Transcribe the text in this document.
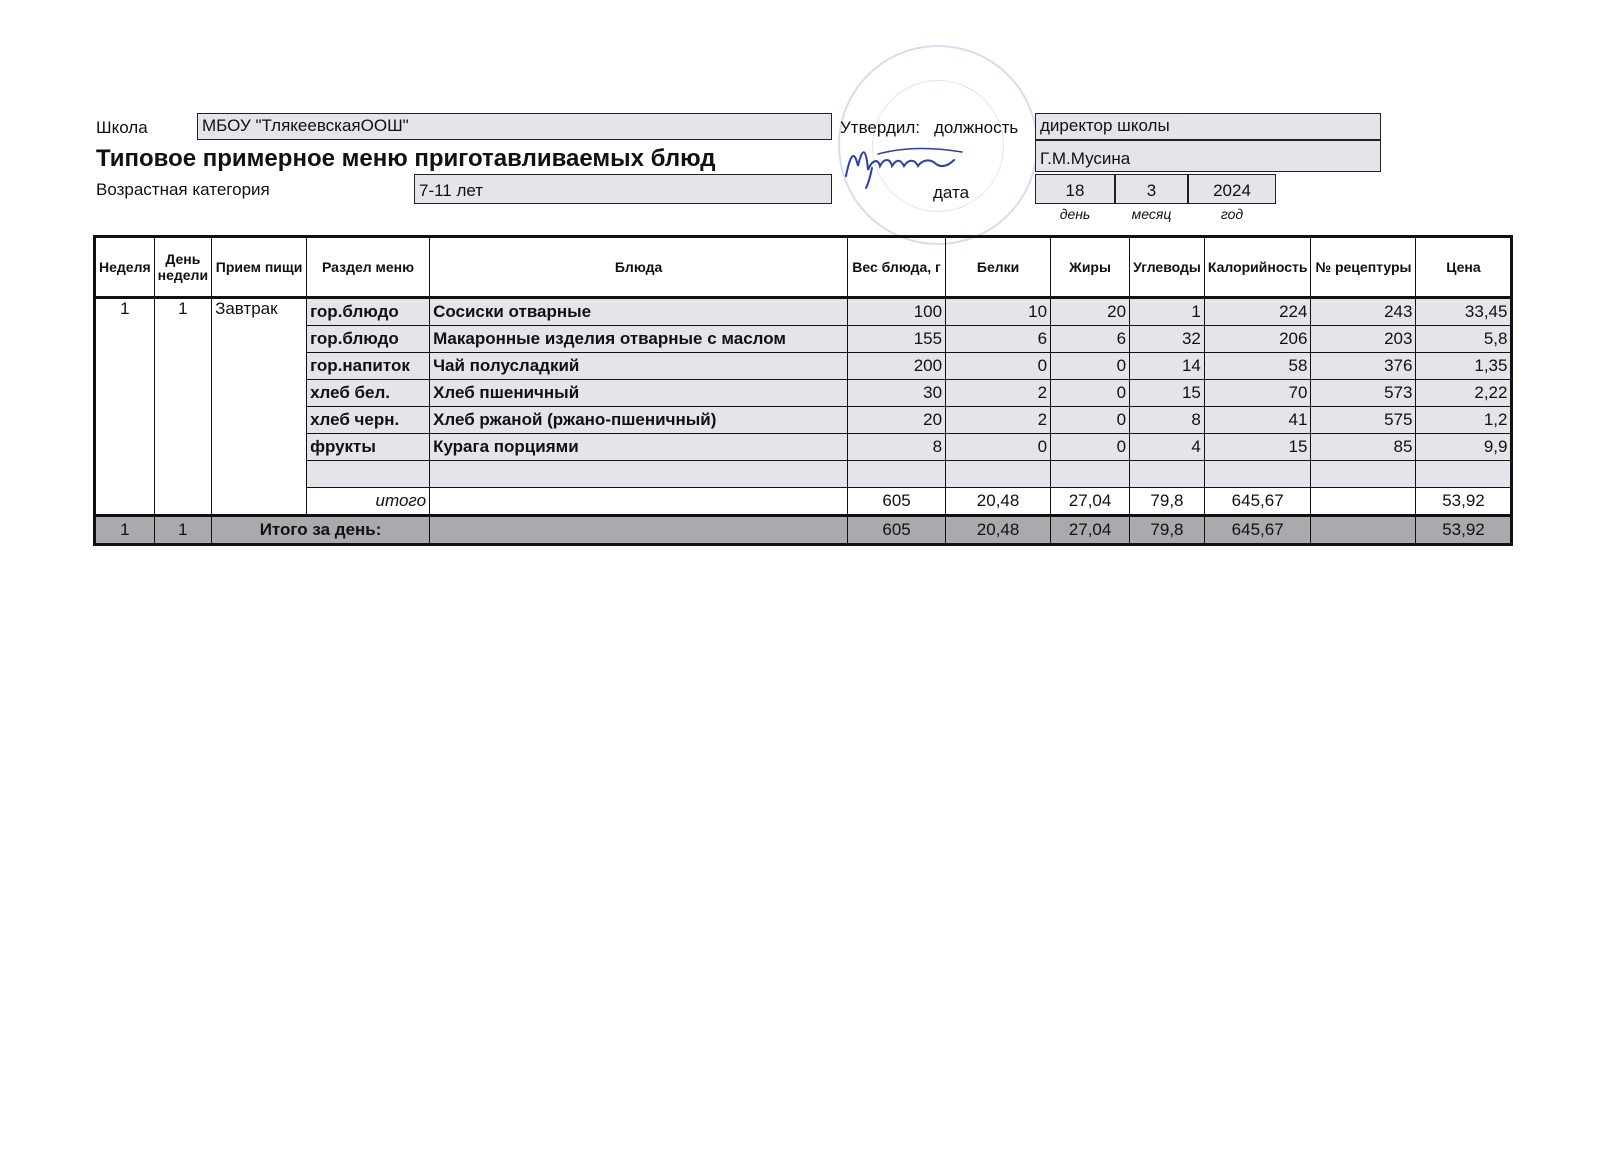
Школа	МБОУ "ТлякеевскаяООШ"
Типовое примерное меню приготавливаемых блюд
Возрастная категория	7-11 лет
Утвердил: должность директор школы
Г.М.Мусина
дата	18	3	2024
день	месяц	год
Неделя	День недели	Прием пищи	Раздел меню	Блюда	Вес блюда, г	Белки	Жиры	Углеводы	Калорийность	№ рецептуры	Цена
1	1	Завтрак	гор.блюдо	Сосиски отварные	100	10	20	1	224	243	33,45
			гор.блюдо	Макаронные изделия отварные с маслом	155	6	6	32	206	203	5,8
			гор.напиток	Чай полусладкий	200	0	0	14	58	376	1,35
			хлеб бел.	Хлеб пшеничный	30	2	0	15	70	573	2,22
			хлеб черн.	Хлеб ржаной (ржано-пшеничный)	20	2	0	8	41	575	1,2
			фрукты	Курага порциями	8	0	0	4	15	85	9,9

			итого		605	20,48	27,04	79,8	645,67		53,92
1	1	Итого за день:			605	20,48	27,04	79,8	645,67		53,92
